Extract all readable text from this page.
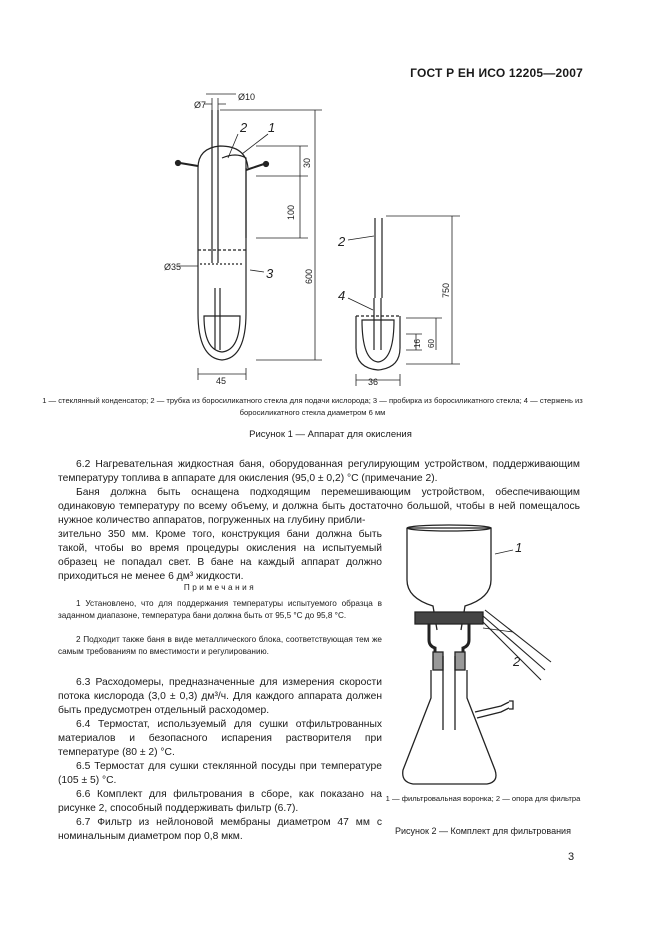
ГОСТ Р ЕН ИСО 12205—2007
Ø10
Ø7
Ø35
45	36
30
100
600
750
16 60
2 1
3
2
4
1 — стеклянный конденсатор; 2 — трубка из боросиликатного стекла для подачи кислорода; 3 — пробирка из боросиликатного стекла; 4 — стержень из боросиликатного стекла диаметром 6 мм
Рисунок 1 — Аппарат для окисления

6.2 Нагревательная жидкостная баня, оборудованная регулирующим устройством, поддерживающим температуру топлива в аппарате для окисления (95,0 ± 0,2) °С (примечание 2).

Баня должна быть оснащена подходящим перемешивающим устройством, обеспечивающим одинаковую температуру по всему объему, и должна быть достаточно большой, чтобы в ней помещалось нужное количество аппаратов, погруженных на глубину прибли-

зительно 350 мм. Кроме того, конструкция бани должна быть такой, чтобы во время процедуры окисления на испытуемый образец не попадал свет. В бане на каждый аппарат должно приходиться не менее 6 дм³ жидкости.

Примечания

1 Установлено, что для поддержания температуры испытуемого образца в заданном диапазоне, температура бани должна быть от 95,5 °С до 95,8 °С.

2 Подходит также баня в виде металлического блока, соответствующая тем же самым требованиям по вместимости и регулированию.

6.3 Расходомеры, предназначенные для измерения скорости потока кислорода (3,0 ± 0,3) дм³/ч. Для каждого аппарата должен быть предусмотрен отдельный расходомер.

6.4 Термостат, используемый для сушки отфильтрованных материалов и безопасного испарения растворителя при температуре (80 ± 2) °С.

6.5 Термостат для сушки стеклянной посуды при температуре (105 ± 5) °С.

6.6 Комплект для фильтрования в сборе, как показано на рисунке 2, способный поддерживать фильтр (6.7).

6.7 Фильтр из нейлоновой мембраны диаметром 47 мм с номинальным диаметром пор 0,8 мкм.

1
2
1 — фильтровальная воронка; 2 — опора для фильтра
Рисунок 2 — Комплект для фильтрования
3
